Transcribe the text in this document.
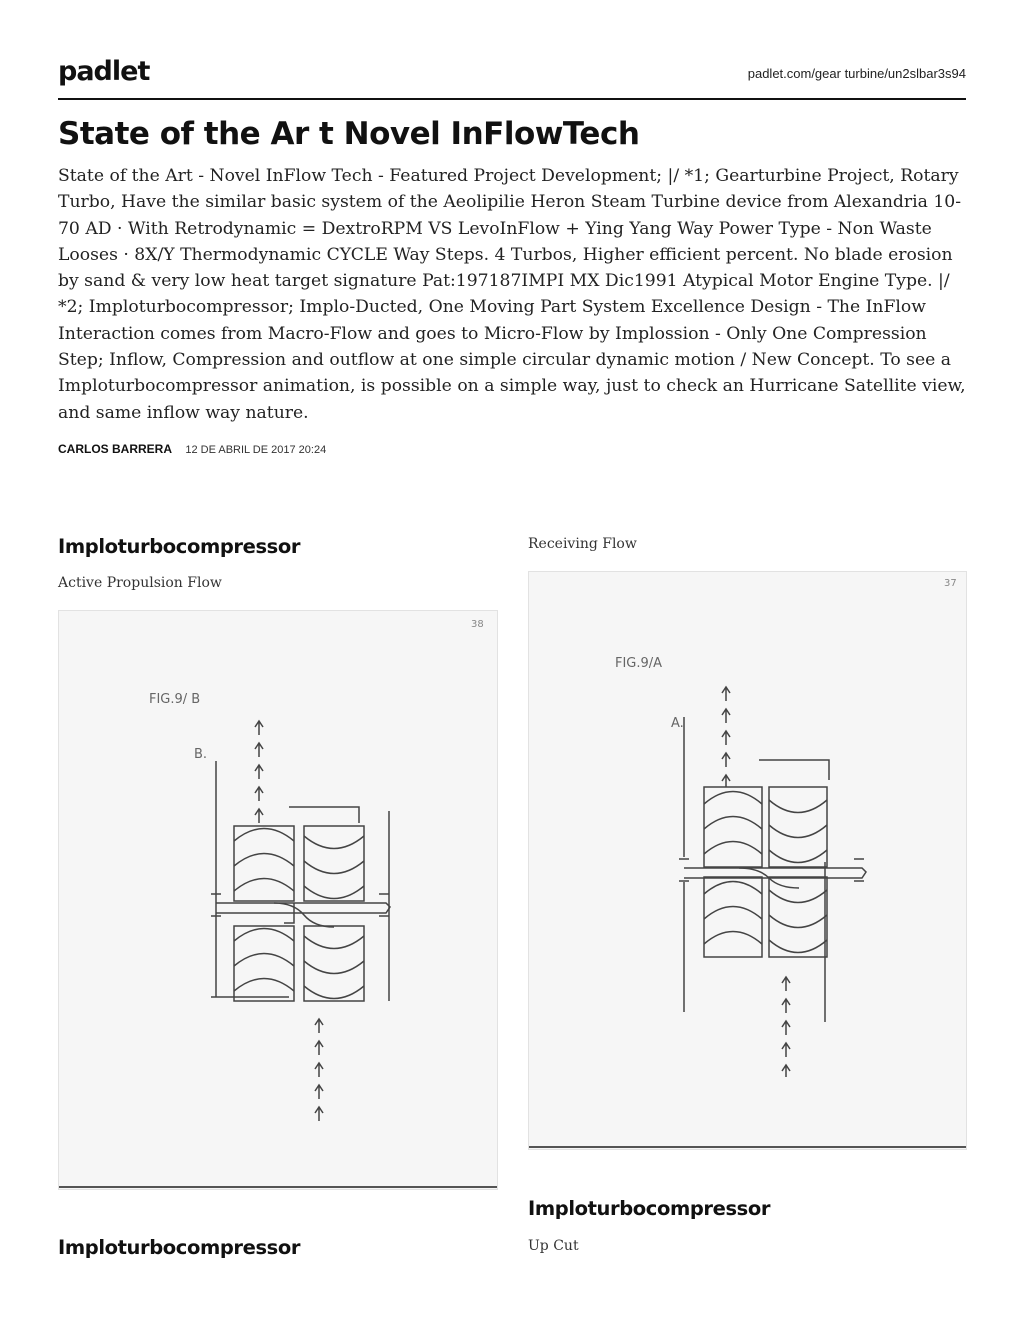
padlet	padlet.com/gear turbine/un2slbar3s94
State of the Ar t Novel InFlowTech

State of the Art - Novel InFlow Tech - Featured Project Development; |/ *1; Gearturbine Project, Rotary Turbo, Have the similar basic system of the Aeolipilie Heron Steam Turbine device from Alexandria 10-70 AD · With Retrodynamic = DextroRPM VS LevoInFlow + Ying Yang Way Power Type - Non Waste Looses · 8X/Y Thermodynamic CYCLE Way Steps. 4 Turbos, Higher efficient percent. No blade erosion by sand & very low heat target signature Pat:197187IMPI MX Dic1991 Atypical Motor Engine Type. |/ *2; Imploturbocompressor; Implo-Ducted, One Moving Part System Excellence Design - The InFlow Interaction comes from Macro-Flow and goes to Micro-Flow by Implossion - Only One Compression Step; Inflow, Compression and outflow at one simple circular dynamic motion / New Concept. To see a Imploturbocompressor animation, is possible on a simple way, just to check an Hurricane Satellite view, and same inflow way nature.

CARLOS BARRERA 12 DE ABRIL DE 2017 20:24
Imploturbocompressor

Active Propulsion Flow

38
FIG.9/ B
B.

Receiving Flow

37
FIG.9/A
A.
Imploturbocompressor

Up Cut

Imploturbocompressor
